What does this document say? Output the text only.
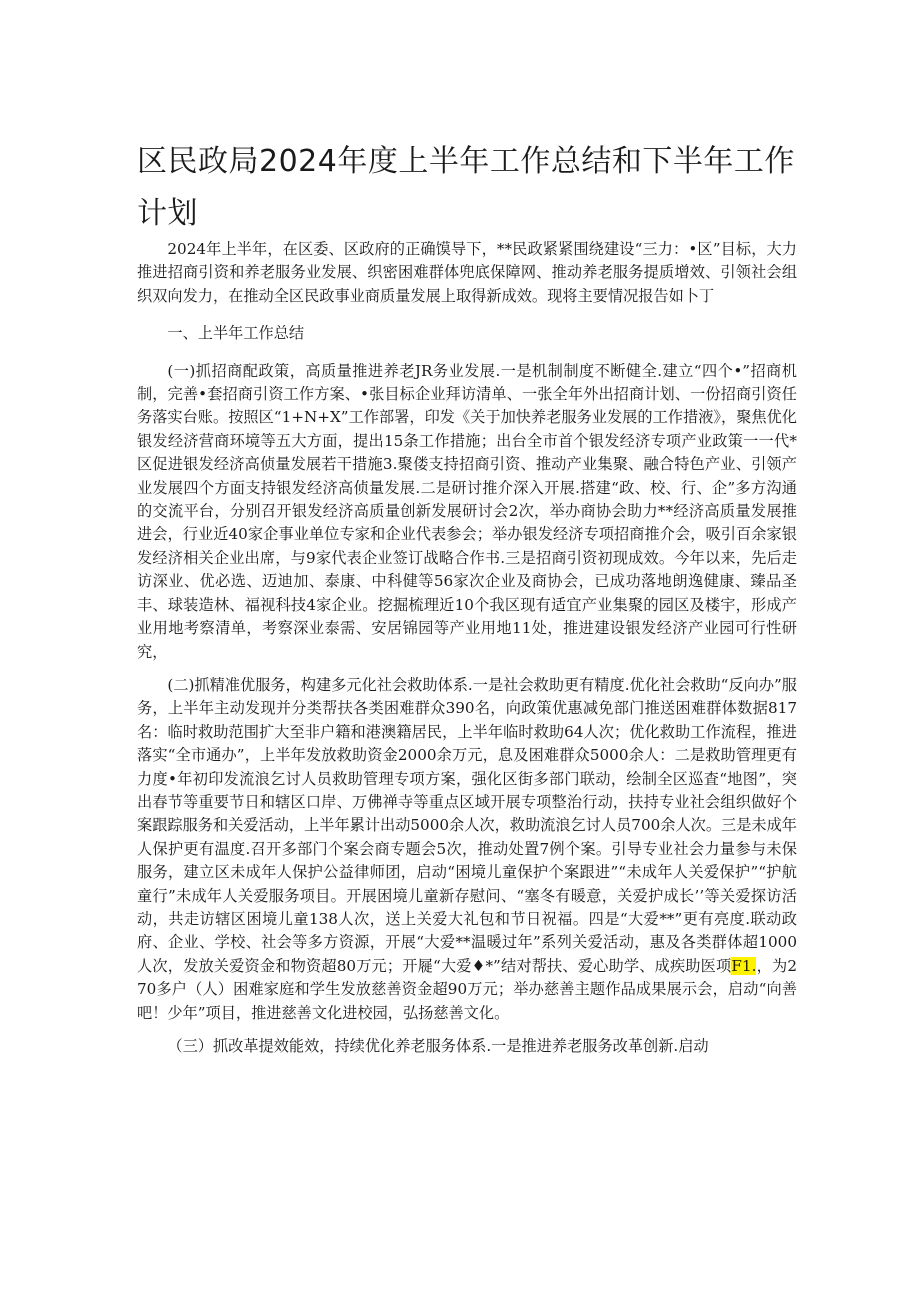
区民政局2024年度上半年工作总结和下半年工作计划

2024年上半年，在区委、区政府的正确馍导下，**民政紧紧围绕建设“三力：•区”目标，大力推进招商引资和养老服务业发展、织密困难群体兜底保障网、推动养老服务提质增效、引领社会组织双向发力，在推动全区民政事业商质量发展上取得新成效。现将主要情况报告如卜丁

一、上半年工作总结

(一)抓招商配政策，高质量推进养老JR务业发展.一是机制制度不断健全.建立“四个•”招商机制，完善•套招商引资工作方案、•张目标企业拜访清单、一张全年外出招商计划、一份招商引资任务落实台账。按照区“1+N+X”工作部署，印发《关于加快养老服务业发展的工作措液》，聚焦优化银发经济营商环境等五大方面，提出15条工作措施；出台全市首个银发经济专项产业政策一一代*区促进银发经济高侦量发展若干措施3.聚偻支持招商引资、推动产业集聚、融合特色产业、引领产业发展四个方面支持银发经济高侦量发展.二是研讨推介深入开展.搭建“政、校、行、企”多方沟通的交流平台，分别召开银发经济高质量创新发展研讨会2次，举办商协会助力**经济高质量发展推进会，行业近40家企事业单位专家和企业代表参会；举办银发经济专项招商推介会，吸引百余家银发经济相关企业出席，与9家代表企业签订战略合作书.三是招商引资初现成效。今年以来，先后走访深业、优必选、迈迪加、泰康、中科健等56家次企业及商协会，已成功落地朗逸健康、臻品圣丰、球装造林、福视科技4家企业。挖掘梳理近10个我区现有适宜产业集聚的园区及楼宇，形成产业用地考察清单，考察深业泰需、安居锦园等产业用地11处，推进建设银发经济产业园可行性研究，

(二)抓精准优服务，构建多元化社会救助体系.一是社会救助更有精度.优化社会救助“反向办”服务，上半年主动发现并分类帮扶各类困难群众390名，向政策优惠减免部门推送困难群体数据817名：临时救助范围扩大至非户籍和港澳籍居民，上半年临时救助64人次；优化救助工作流程，推进落实“全市通办”，上半年发放救助资金2000余万元，息及困难群众5000余人：二是救助管理更有力度•年初印发流浪乞讨人员救助管理专项方案，强化区街多部门联动，绘制全区巡査“地图”，突出春节等重要节日和辖区口岸、万佛禅寺等重点区域开展专项整治行动，扶持专业社会组织做好个案跟踪服务和关爱活动，上半年累计出动5000余人次，救助流浪乞讨人员700余人次。三是未成年人保护更有温度.召开多部门个案会商专题会5次，推动处置7例个案。引导专业社会力量参与未保服务，建立区未成年人保护公益律师团，启动“困境儿童保护个案跟进”“未成年人关爱保护”“护航童行”未成年人关爱服务项目。开展困境儿童新存慰问、“塞冬有暖意，关爱护成长’’等关爱探访活动，共走访辖区困境儿童138人次，送上关爱大礼包和节日祝福。四是“大爱**”更有亮度.联动政府、企业、学校、社会等多方资源，开展“大爱**温暖过年”系列关爱活动，惠及各类群体超1000人次，发放关爱资金和物资超80万元；开屣“大爱♦*”结对帮扶、爱心助学、成疾助医项F1.，为270多户（人）困难家庭和学生发放慈善资金超90万元；举办慈善主题作品成果展示会，启动“向善吧！少年”项目，推进慈善文化进校园，弘扬慈善文化。

（三）抓改革提效能效，持续优化养老服务体系.一是推进养老服务改革创新.启动
